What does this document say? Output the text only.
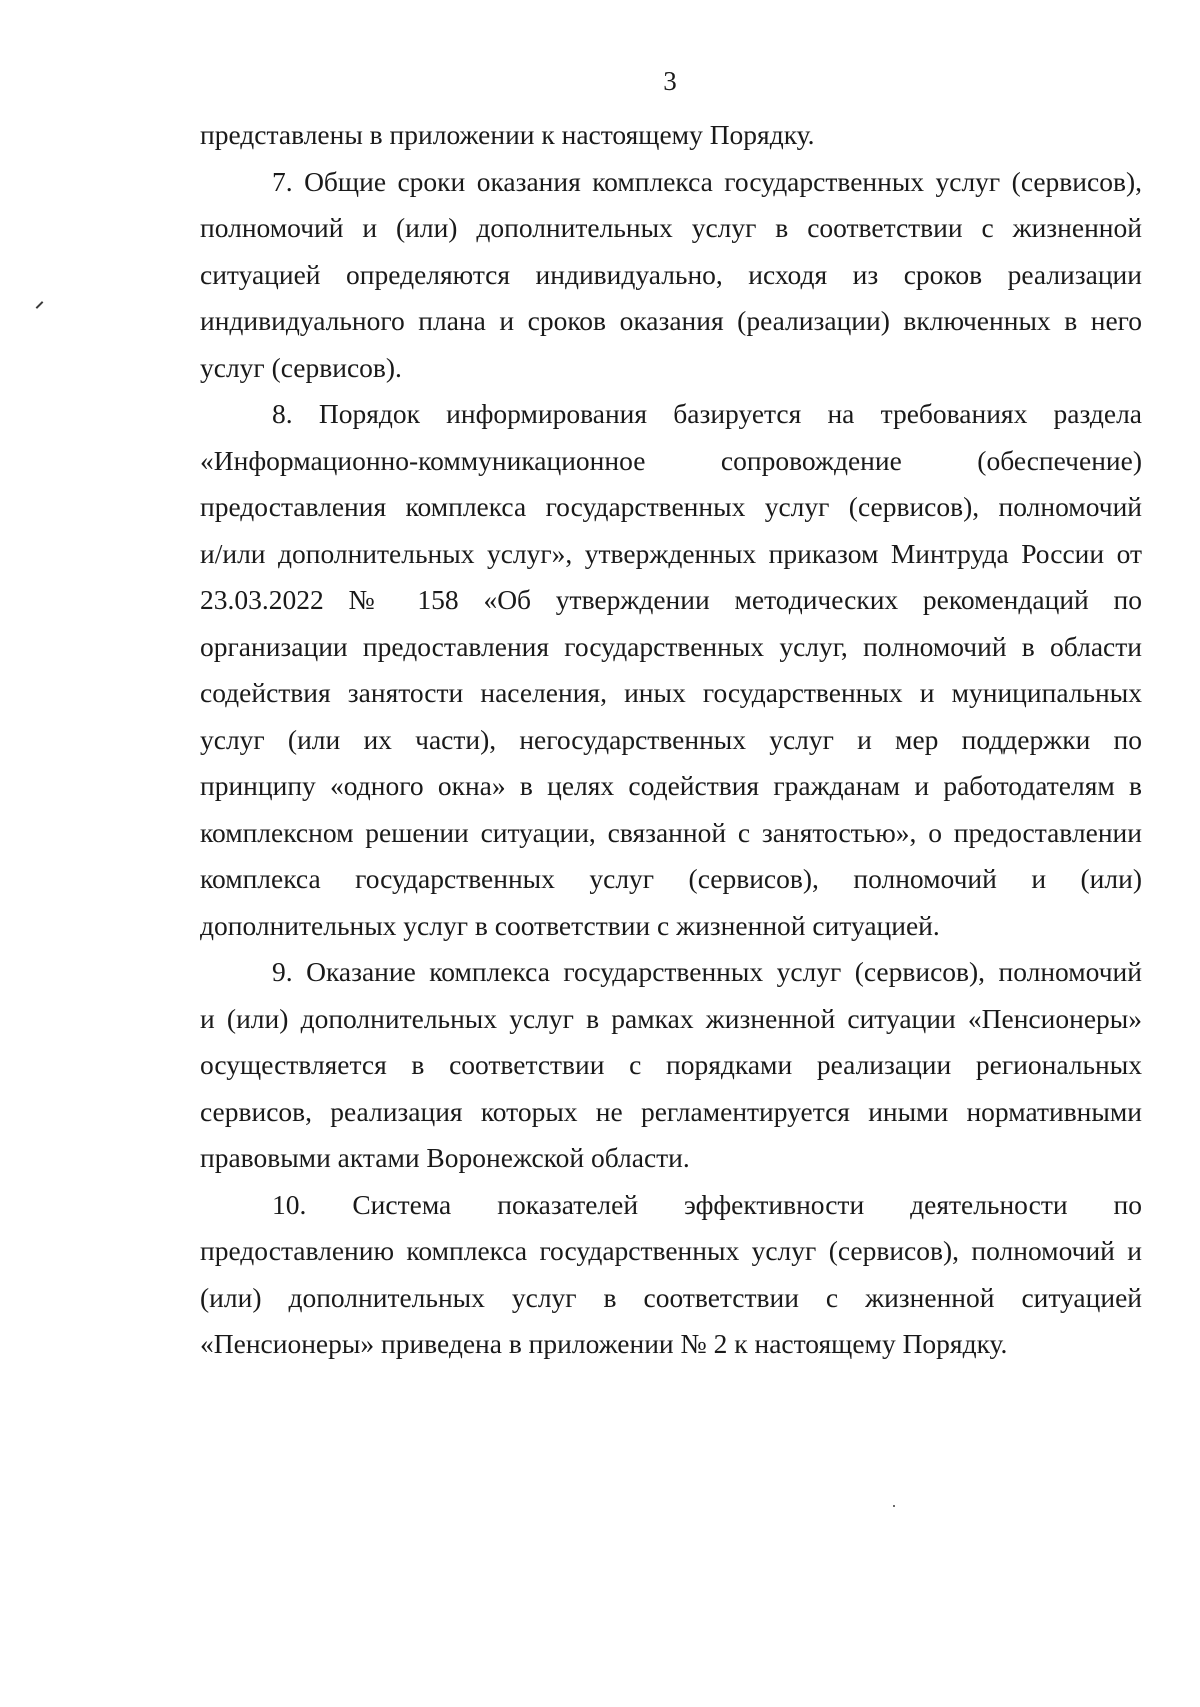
3
представлены в приложении к настоящему Порядку.
7. Общие сроки оказания комплекса государственных услуг (сервисов),
полномочий и (или) дополнительных услуг в соответствии с жизненной
ситуацией определяются индивидуально, исходя из сроков реализации
индивидуального плана и сроков оказания (реализации) включенных в него
услуг (сервисов).
8. Порядок информирования базируется на требованиях раздела
«Информационно-коммуникационное сопровождение (обеспечение)
предоставления комплекса государственных услуг (сервисов), полномочий
и/или дополнительных услуг», утвержденных приказом Минтруда России от
23.03.2022 № 158 «Об утверждении методических рекомендаций по
организации предоставления государственных услуг, полномочий в области
содействия занятости населения, иных государственных и муниципальных
услуг (или их части), негосударственных услуг и мер поддержки по
принципу «одного окна» в целях содействия гражданам и работодателям в
комплексном решении ситуации, связанной с занятостью», о предоставлении
комплекса государственных услуг (сервисов), полномочий и (или)
дополнительных услуг в соответствии с жизненной ситуацией.
9. Оказание комплекса государственных услуг (сервисов), полномочий
и (или) дополнительных услуг в рамках жизненной ситуации «Пенсионеры»
осуществляется в соответствии с порядками реализации региональных
сервисов, реализация которых не регламентируется иными нормативными
правовыми актами Воронежской области.
10. Система показателей эффективности деятельности по
предоставлению комплекса государственных услуг (сервисов), полномочий и
(или) дополнительных услуг в соответствии с жизненной ситуацией
«Пенсионеры» приведена в приложении № 2 к настоящему Порядку.
